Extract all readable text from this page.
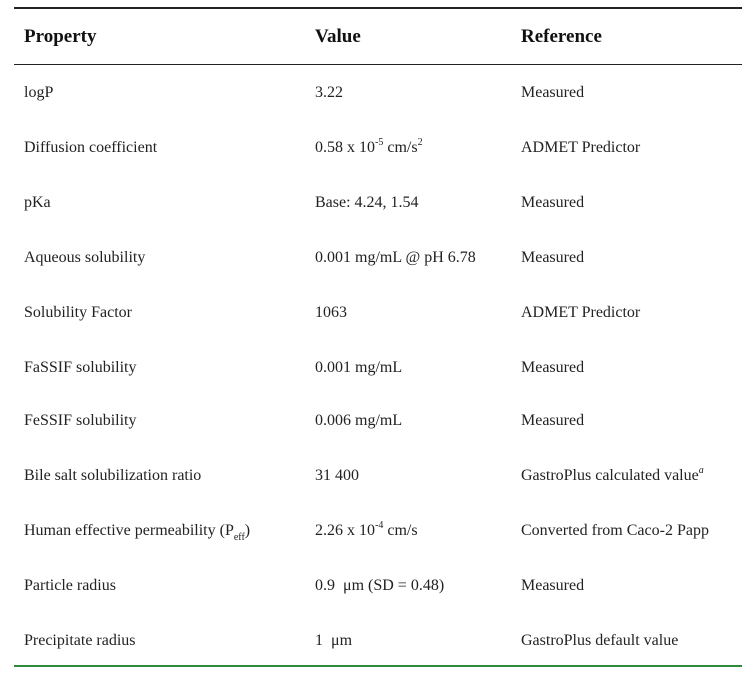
Property	Value	Reference
logP	3.22	Measured
Diffusion coefficient	0.58 x $10^{-5}$ $cm/s^2$	ADMET Predictor
pKa	Base: 4.24, 1.54	Measured
Aqueous solubility	0.001 mg/mL @ pH 6.78	Measured
Solubility Factor	1063	ADMET Predictor
FaSSIF solubility	0.001 mg/mL	Measured
FeSSIF solubility	0.006 mg/mL	Measured
Bile salt solubilization ratio	31 400	GastroPlus calculated value$^a$
Human effective permeability $(P_{eff})$	2.26 x $10^{-4}$ cm/s	Converted from Caco-2 Papp
Particle radius	0.9  μm (SD = 0.48)	Measured
Precipitate radius	1  μm	GastroPlus default value
